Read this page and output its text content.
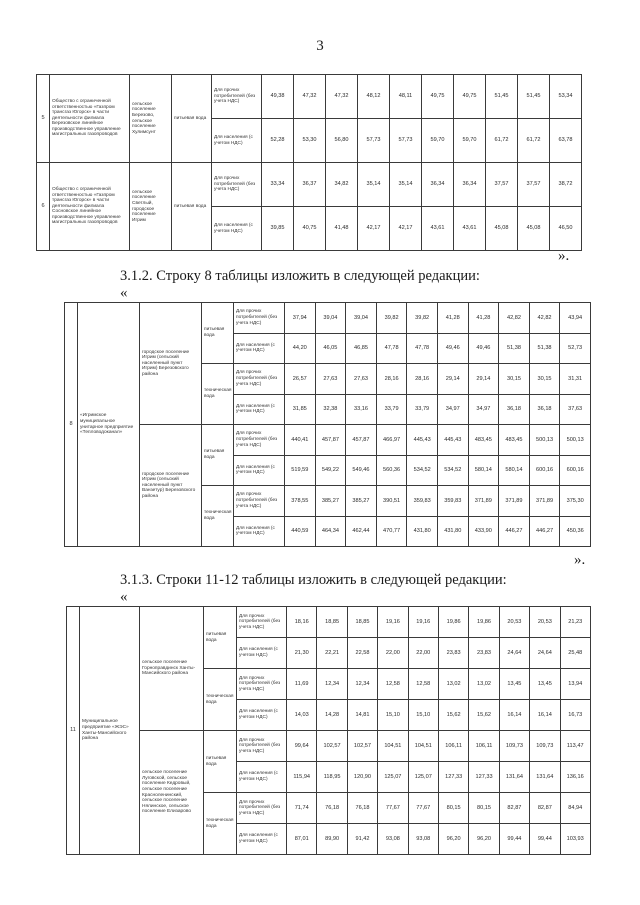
3
5	Общество с ограниченной ответственностью «Газпром трансгаз Югорск» в части деятельности филиала Березовское линейное производственное управление магистральных газопроводов	сельское поселение Березово, сельское поселение Хулимсунт	питьевая вода	Для прочих потребителей (без учета НДС)	49,38	47,32	47,32	48,12	48,11	49,75	49,75	51,45	51,45	53,34
				Для населения (с учетом НДС)	52,28	53,30	56,80	57,73	57,73	59,70	59,70	61,72	61,72	63,78
6	Общество с ограниченной ответственностью «Газпром трансгаз Югорск» в части деятельности филиала Сосновское линейное производственное управление магистральных газопроводов	сельское поселение Светлый, городское поселение Игрим	питьевая вода	Для прочих потребителей (без учета НДС)	33,34	36,37	34,82	35,14	35,14	36,34	36,34	37,57	37,57	38,72
				Для населения (с учетом НДС)	39,85	40,75	41,48	42,17	42,17	43,61	43,61	45,08	45,08	46,50
».
3.1.2. Строку 8 таблицы изложить в следующей редакции:
«
8	«Игримское муниципальное унитарное предприятие «Тепловодоканал»	городское поселение Игрим (сельский населенный пункт Игрим) Березовского района	питьевая вода	Для прочих потребителей (без учета НДС)	37,94	39,04	39,04	39,82	39,82	41,28	41,28	42,82	42,82	43,94
				Для населения (с учетом НДС)	44,20	46,05	46,85	47,78	47,78	49,46	49,46	51,38	51,38	52,73
			техническая вода	Для прочих потребителей (без учета НДС)	26,57	27,63	27,63	28,16	28,16	29,14	29,14	30,15	30,15	31,31
				Для населения (с учетом НДС)	31,85	32,38	33,16	33,79	33,79	34,97	34,97	36,18	36,18	37,63
		городское поселение Игрим (сельский населенный пункт Ванзетур) Березовского района	питьевая вода	Для прочих потребителей (без учета НДС)	440,41	457,87	457,87	466,97	445,43	445,43	483,45	483,45	500,13	500,13
				Для населения (с учетом НДС)	519,59	549,22	549,46	560,36	534,52	534,52	580,14	580,14	600,16	600,16
			техническая вода	Для прочих потребителей (без учета НДС)	378,55	385,27	385,27	390,51	359,83	359,83	371,89	371,89	371,89	375,30
				Для населения (с учетом НДС)	440,59	464,34	462,44	470,77	431,80	431,80	433,90	446,27	446,27	450,36
».
3.1.3. Строки 11-12 таблицы изложить в следующей редакции:
«
11	Муниципальное предприятие «ЖЭС» Ханты-Мансийского района	сельское поселение Горноправдинск Ханты-Мансийского района	питьевая вода	Для прочих потребителей (без учета НДС)	18,16	18,85	18,85	19,16	19,16	19,86	19,86	20,53	20,53	21,23
				Для населения (с учетом НДС)	21,30	22,21	22,58	22,00	22,00	23,83	23,83	24,64	24,64	25,48
			техническая вода	Для прочих потребителей (без учета НДС)	11,69	12,34	12,34	12,58	12,58	13,02	13,02	13,45	13,45	13,94
				Для населения (с учетом НДС)	14,03	14,28	14,81	15,10	15,10	15,62	15,62	16,14	16,14	16,73
		сельское поселение Луговской, сельское поселение Кедровый, сельское поселение Красноленинский, сельское поселение Нялинское, сельское поселение Елизарово	питьевая вода	Для прочих потребителей (без учета НДС)	99,64	102,57	102,57	104,51	104,51	106,11	106,11	109,73	109,73	113,47
				Для населения (с учетом НДС)	115,94	118,95	120,90	125,07	125,07	127,33	127,33	131,64	131,64	136,16
			техническая вода	Для прочих потребителей (без учета НДС)	71,74	76,18	76,18	77,67	77,67	80,15	80,15	82,87	82,87	84,94
				Для населения (с учетом НДС)	87,01	89,90	91,42	93,08	93,08	96,20	96,20	99,44	99,44	103,93
